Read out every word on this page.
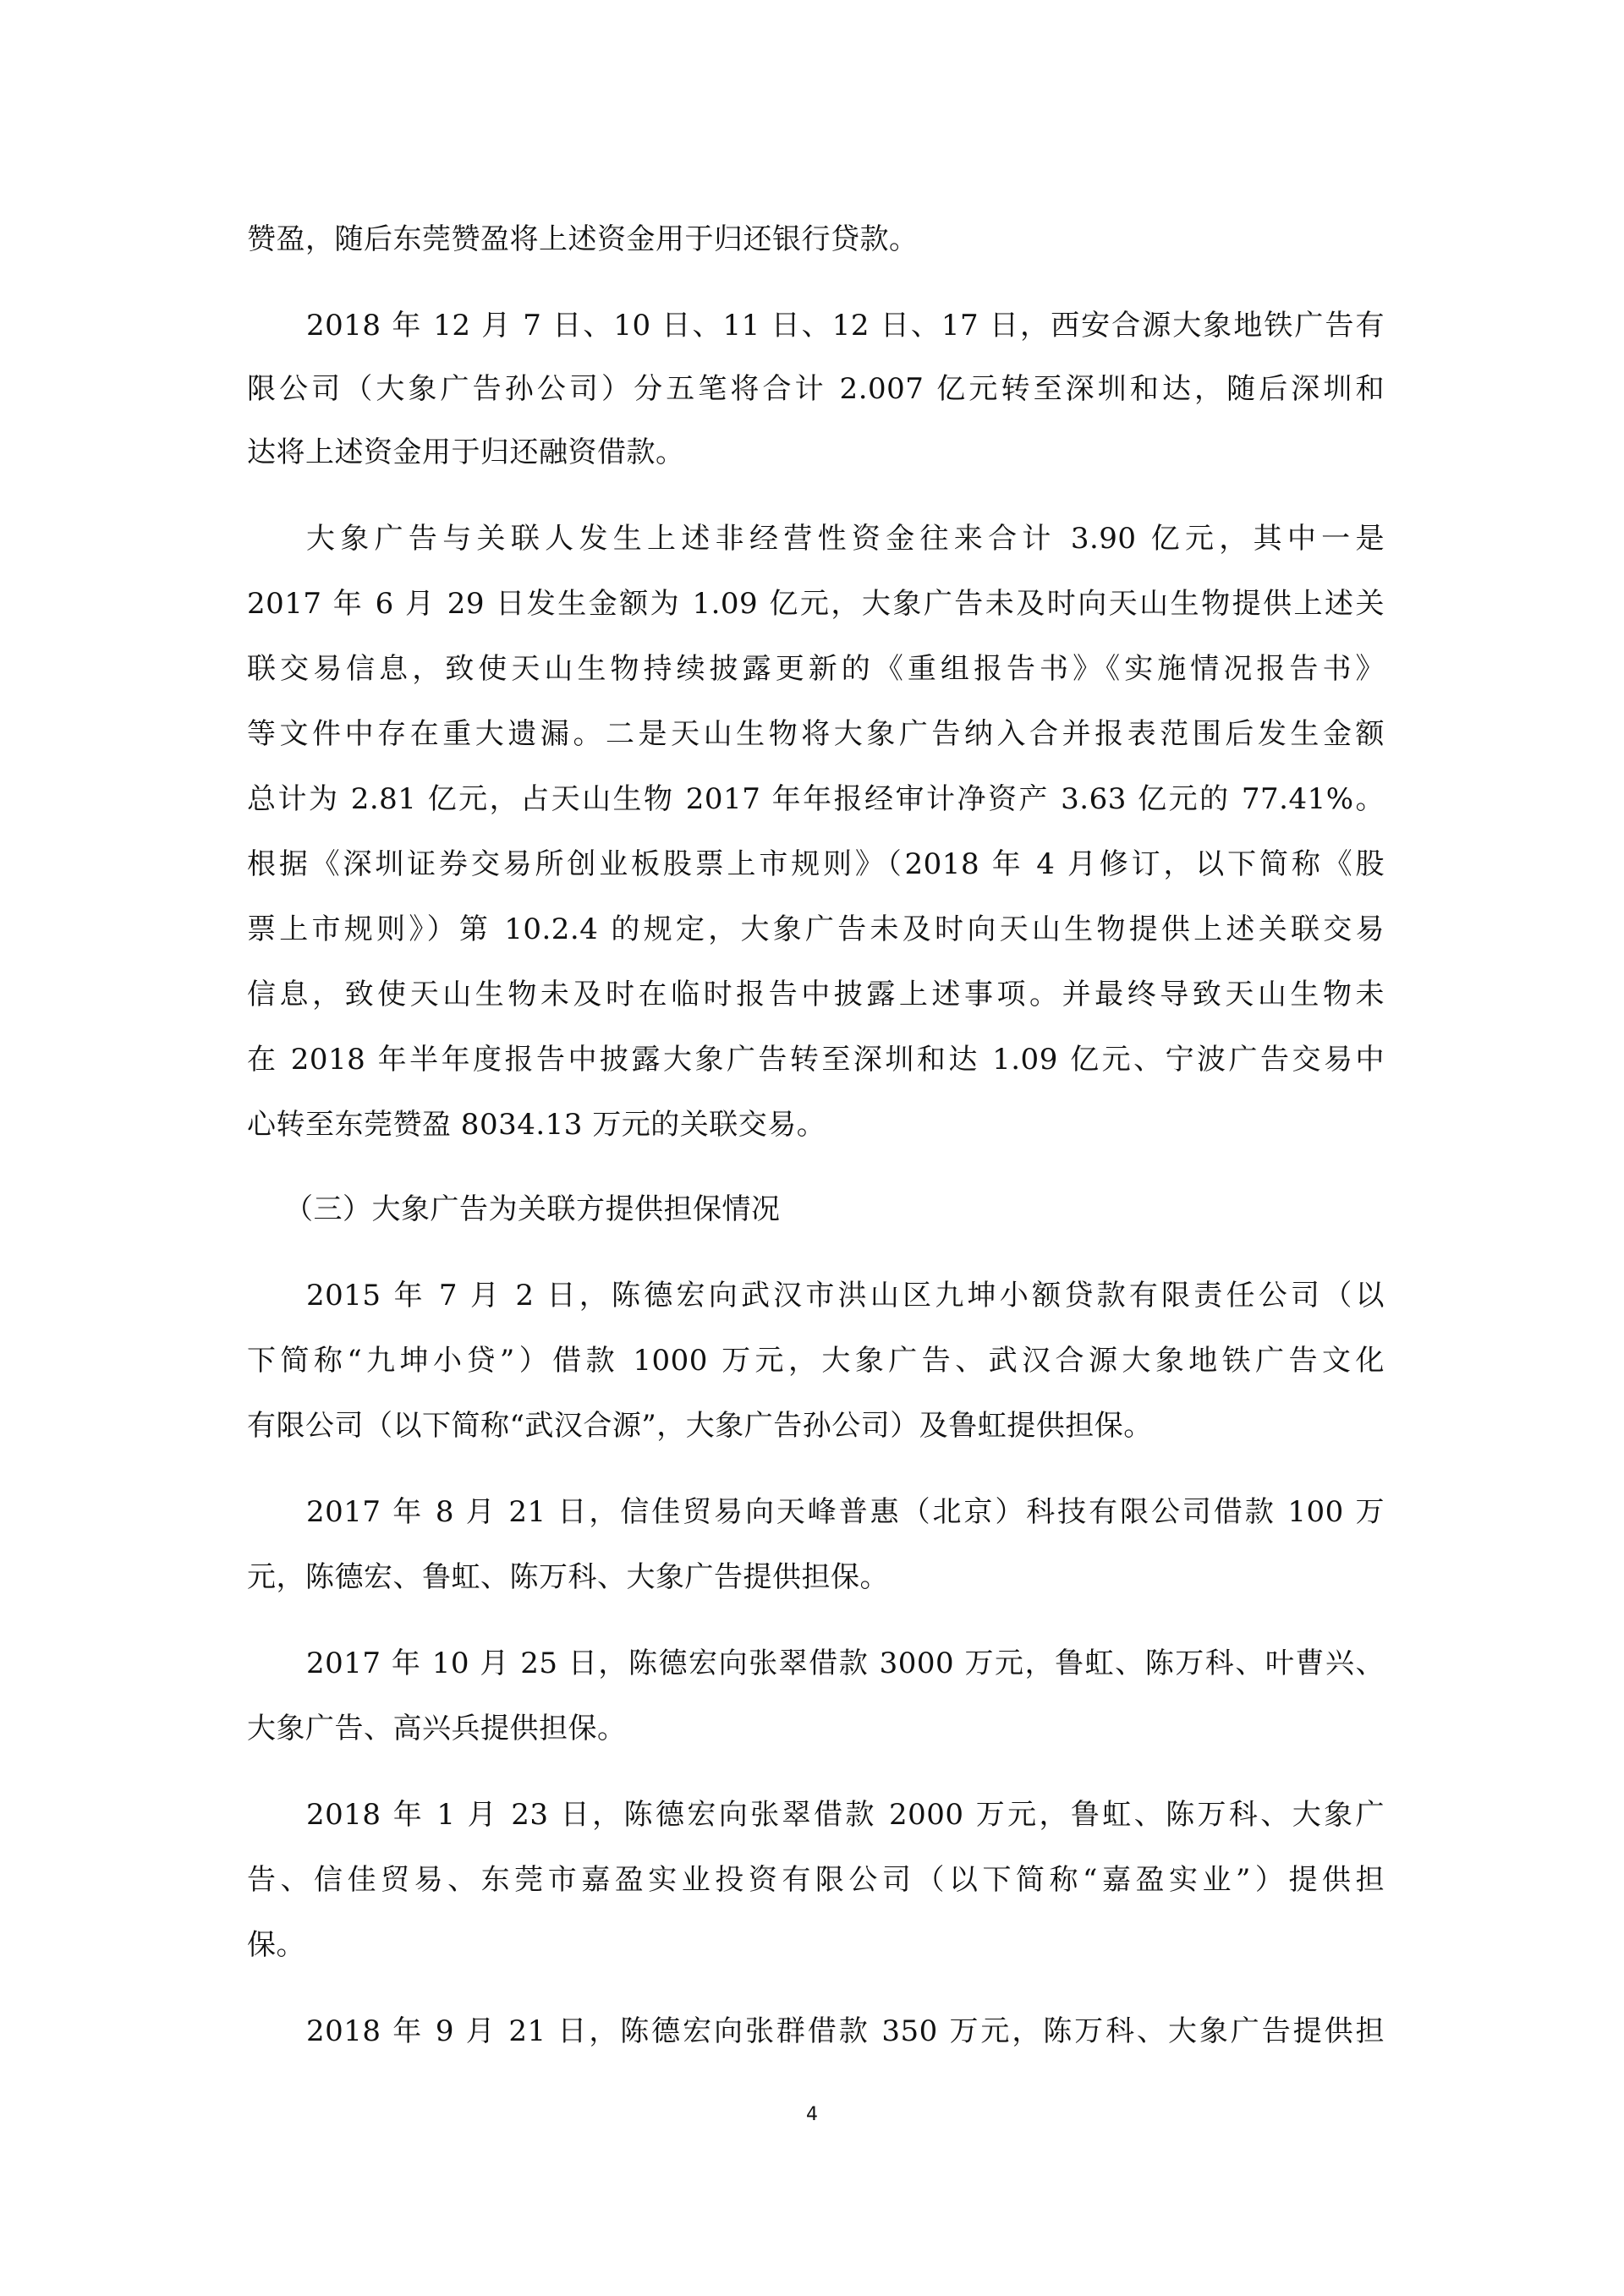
赞盈，随后东莞赞盈将上述资金用于归还银行贷款。
2018 年 12 月 7 日、10 日、11 日、12 日、17 日，西安合源大象地铁广告有
限公司（大象广告孙公司）分五笔将合计 2.007 亿元转至深圳和达，随后深圳和
达将上述资金用于归还融资借款。
大象广告与关联人发生上述非经营性资金往来合计 3.90 亿元，其中一是
2017 年 6 月 29 日发生金额为 1.09 亿元，大象广告未及时向天山生物提供上述关
联交易信息，致使天山生物持续披露更新的《重组报告书》《实施情况报告书》
等文件中存在重大遗漏。二是天山生物将大象广告纳入合并报表范围后发生金额
总计为 2.81 亿元，占天山生物 2017 年年报经审计净资产 3.63 亿元的 77.41%。
根据《深圳证券交易所创业板股票上市规则》（2018 年 4 月修订，以下简称《股
票上市规则》）第 10.2.4 的规定，大象广告未及时向天山生物提供上述关联交易
信息，致使天山生物未及时在临时报告中披露上述事项。并最终导致天山生物未
在 2018 年半年度报告中披露大象广告转至深圳和达 1.09 亿元、宁波广告交易中
心转至东莞赞盈 8034.13 万元的关联交易。
（三）大象广告为关联方提供担保情况
2015 年 7 月 2 日，陈德宏向武汉市洪山区九坤小额贷款有限责任公司（以
下简称“九坤小贷”）借款 1000 万元，大象广告、武汉合源大象地铁广告文化
有限公司（以下简称“武汉合源”，大象广告孙公司）及鲁虹提供担保。
2017 年 8 月 21 日，信佳贸易向天峰普惠（北京）科技有限公司借款 100 万
元，陈德宏、鲁虹、陈万科、大象广告提供担保。
2017 年 10 月 25 日，陈德宏向张翠借款 3000 万元，鲁虹、陈万科、叶曹兴、
大象广告、高兴兵提供担保。
2018 年 1 月 23 日，陈德宏向张翠借款 2000 万元，鲁虹、陈万科、大象广
告、信佳贸易、东莞市嘉盈实业投资有限公司（以下简称“嘉盈实业”）提供担
保。
2018 年 9 月 21 日，陈德宏向张群借款 350 万元，陈万科、大象广告提供担
4
